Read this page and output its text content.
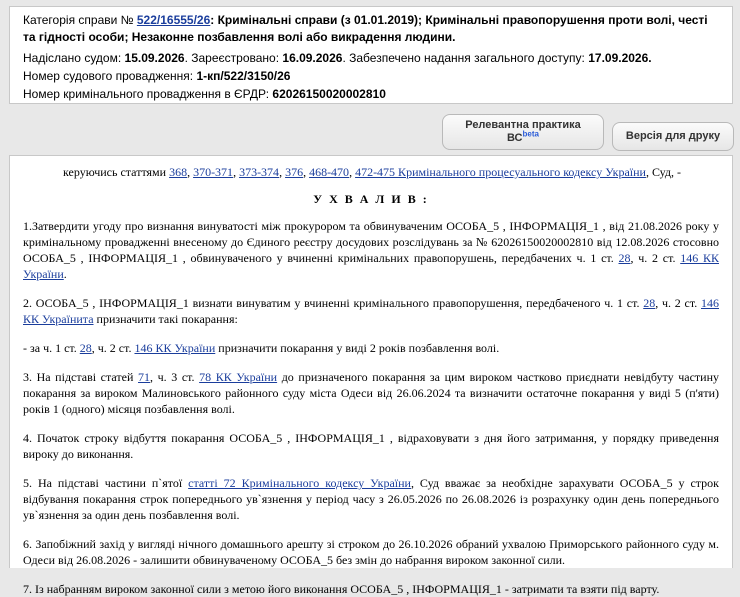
Категорія справи № 522/16555/26: Кримінальні справи (з 01.01.2019); Кримінальні правопорушення проти волі, честі та гідності особи; Незаконне позбавлення волі або викрадення людини.
Надіслано судом: 15.09.2026. Зареєстровано: 16.09.2026. Забезпечено надання загального доступу: 17.09.2026.
Номер судового провадження: 1-кп/522/3150/26
Номер кримінального провадження в ЄРДР: 62026150020002810
Релевантна практика
$ВС^{beta}$	Версія для друку

керуючись статтями 368, 370-371, 373-374, 376, 468-470, 472-475 Кримінального процесуального кодексу України, Суд, -

У Х В А Л И В :

1.Затвердити угоду про визнання винуватості між прокурором та обвинуваченим ОСОБА_5 , ІНФОРМАЦІЯ_1 , від 21.08.2026 року у кримінальному провадженні внесеному до Єдиного реєстру досудових розслідувань за № 62026150020002810 від 12.08.2026 стосовно ОСОБА_5 , ІНФОРМАЦІЯ_1 , обвинуваченого у вчиненні кримінальних правопорушень, передбачених ч. 1 ст. 28, ч. 2 ст. 146 КК України.

2. ОСОБА_5 , ІНФОРМАЦІЯ_1 визнати винуватим у вчиненні кримінального правопорушення, передбаченого ч. 1 ст. 28, ч. 2 ст. 146 КК Українита призначити такі покарання:

- за ч. 1 ст. 28, ч. 2 ст. 146 КК України призначити покарання у виді 2 років позбавлення волі.

3. На підставі статей 71, ч. 3 ст. 78 КК України до призначеного покарання за цим вироком частково приєднати невідбуту частину покарання за вироком Малиновського районного суду міста Одеси від 26.06.2024 та визначити остаточне покарання у виді 5 (п'яти) років 1 (одного) місяця позбавлення волі.

4. Початок строку відбуття покарання ОСОБА_5 , ІНФОРМАЦІЯ_1 , відраховувати з дня його затримання, у порядку приведення вироку до виконання.

5. На підставі частини п`ятої статті 72 Кримінального кодексу України, Суд вважає за необхідне зарахувати ОСОБА_5 у строк відбування покарання строк попереднього ув`язнення у період часу з 26.05.2026 по 26.08.2026 із розрахунку один день попереднього ув`язнення за один день позбавлення волі.

6. Запобіжний захід у вигляді нічного домашнього арешту зі строком до 26.10.2026 обраний ухвалою Приморського районного суду м. Одеси від 26.08.2026 - залишити обвинуваченому ОСОБА_5 без змін до набрання вироком законної сили.

7. Із набранням вироком законної сили з метою його виконання ОСОБА_5 , ІНФОРМАЦІЯ_1 - затримати та взяти під варту.
